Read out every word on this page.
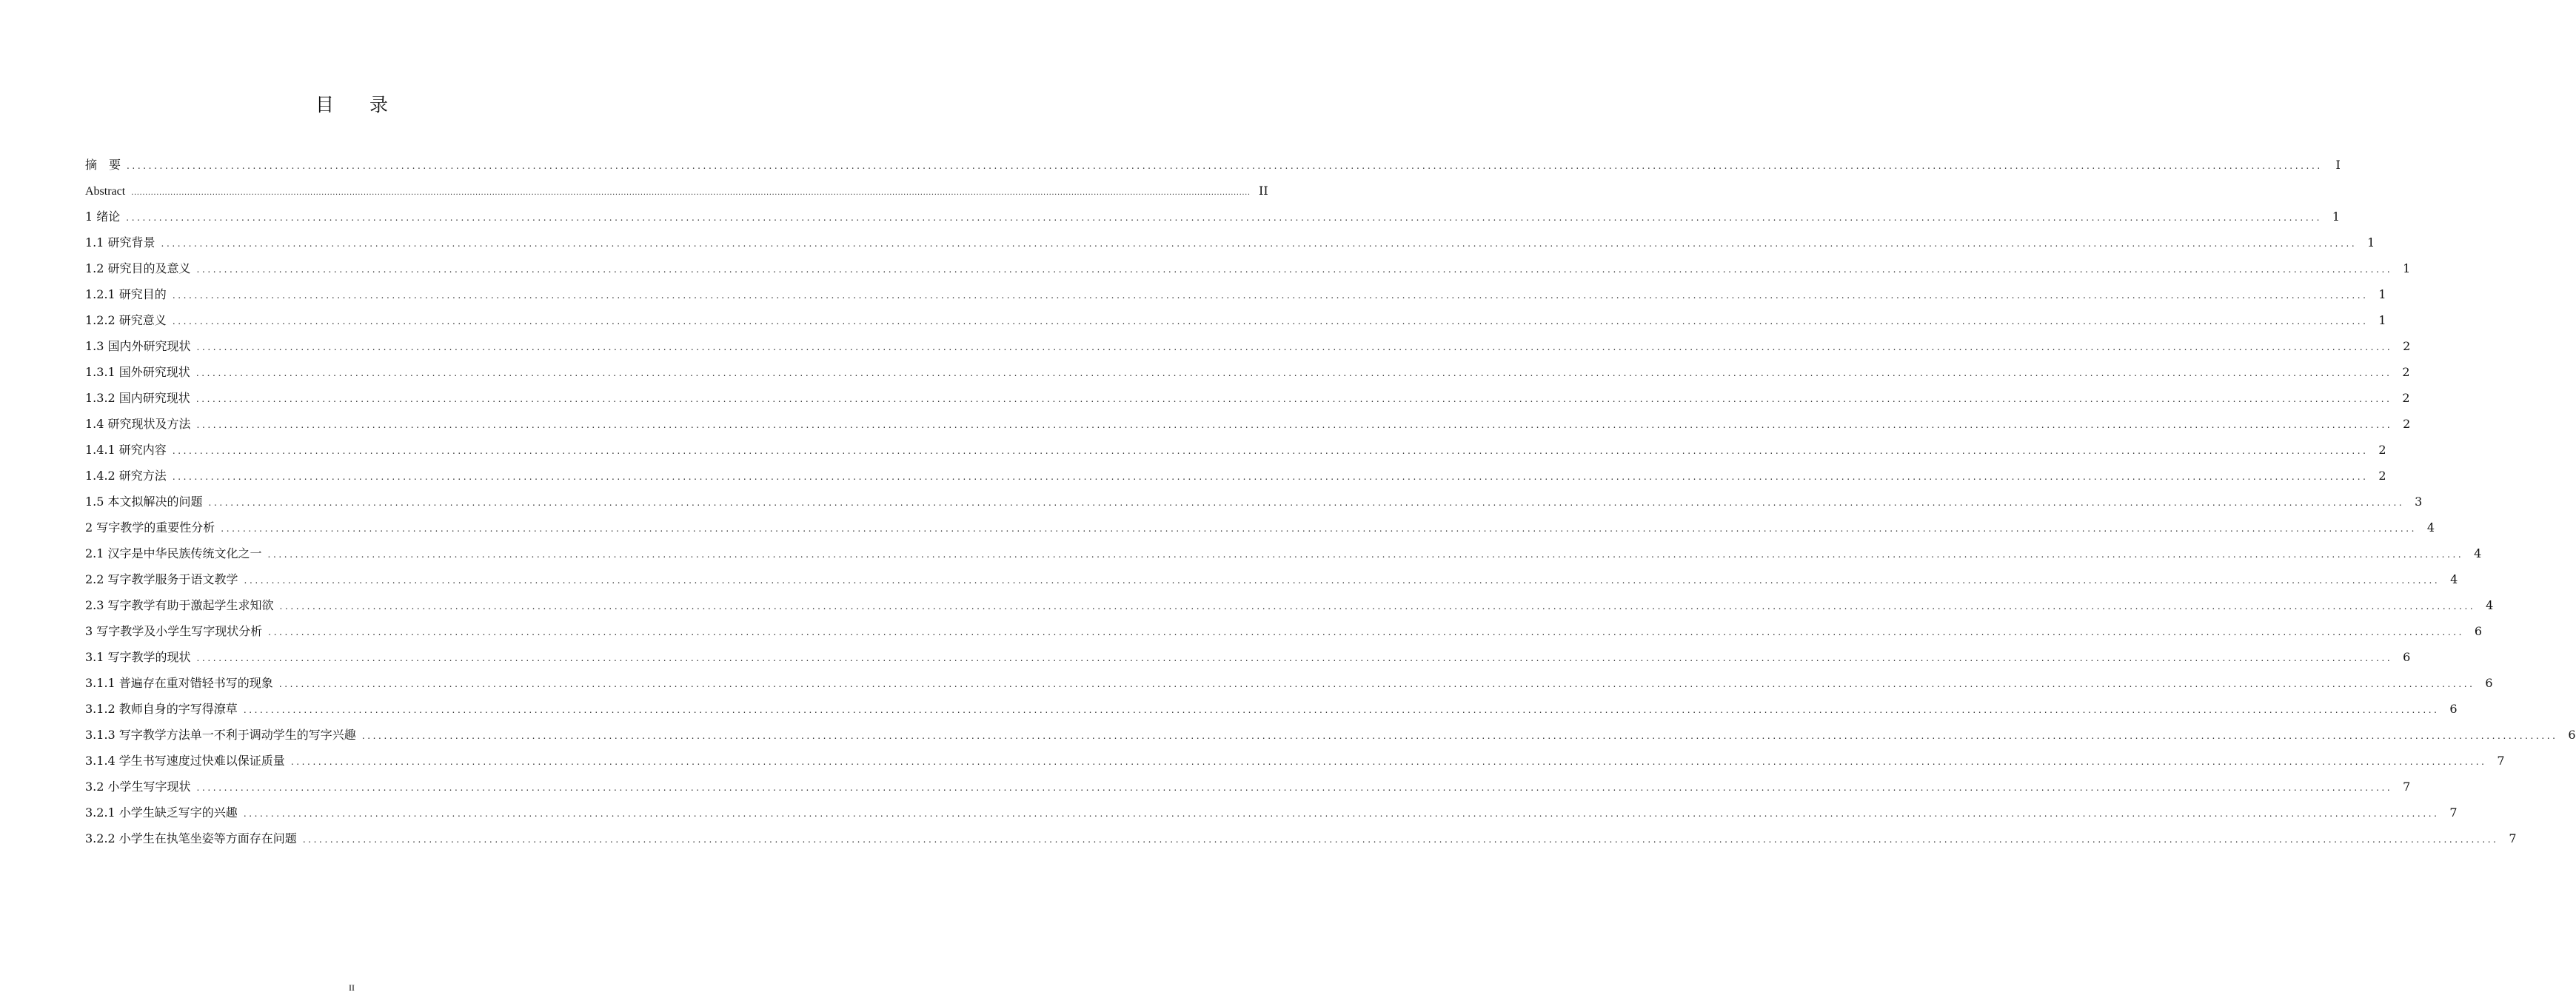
目 录
摘　要 ................................................................................................................................................................................................................................................................................................................................................................................................................	I
Abstract ................................................................................................................................................................................................................................................................................................................................................................................................................ II
1 绪论 ................................................................................................................................................................................................................................................................................................................................................................................................................ 1
1.1 研究背景 ................................................................................................................................................................................................................................................................................................................................................................................................................ 1
1.2 研究目的及意义 ................................................................................................................................................................................................................................................................................................................................................................................................................ 1
1.2.1 研究目的 ................................................................................................................................................................................................................................................................................................................................................................................................................ 1
1.2.2 研究意义 ................................................................................................................................................................................................................................................................................................................................................................................................................ 1
1.3 国内外研究现状 ................................................................................................................................................................................................................................................................................................................................................................................................................ 2
1.3.1 国外研究现状 ................................................................................................................................................................................................................................................................................................................................................................................................................ 2
1.3.2 国内研究现状 ................................................................................................................................................................................................................................................................................................................................................................................................................ 2
1.4 研究现状及方法 ................................................................................................................................................................................................................................................................................................................................................................................................................ 2
1.4.1 研究内容 ................................................................................................................................................................................................................................................................................................................................................................................................................ 2
1.4.2 研究方法 ................................................................................................................................................................................................................................................................................................................................................................................................................ 2
1.5 本文拟解决的问题 ................................................................................................................................................................................................................................................................................................................................................................................................................ 3
2 写字教学的重要性分析 ................................................................................................................................................................................................................................................................................................................................................................................................................ 4
2.1 汉字是中华民族传统文化之一 ................................................................................................................................................................................................................................................................................................................................................................................................................ 4
2.2 写字教学服务于语文教学 ................................................................................................................................................................................................................................................................................................................................................................................................................ 4
2.3 写字教学有助于激起学生求知欲 ................................................................................................................................................................................................................................................................................................................................................................................................................ 4
3 写字教学及小学生写字现状分析 ................................................................................................................................................................................................................................................................................................................................................................................................................ 6
3.1 写字教学的现状 ................................................................................................................................................................................................................................................................................................................................................................................................................ 6
3.1.1 普遍存在重对错轻书写的现象 ................................................................................................................................................................................................................................................................................................................................................................................................................ 6
3.1.2 教师自身的字写得潦草 ................................................................................................................................................................................................................................................................................................................................................................................................................ 6
3.1.3 写字教学方法单一不利于调动学生的写字兴趣 ................................................................................................................................................................................................................................................................................................................................................................................................................ 6
3.1.4 学生书写速度过快难以保证质量 ................................................................................................................................................................................................................................................................................................................................................................................................................ 7
3.2 小学生写字现状 ................................................................................................................................................................................................................................................................................................................................................................................................................ 7
3.2.1 小学生缺乏写字的兴趣 ................................................................................................................................................................................................................................................................................................................................................................................................................ 7
3.2.2 小学生在执笔坐姿等方面存在问题 ................................................................................................................................................................................................................................................................................................................................................................................................................ 7
II
